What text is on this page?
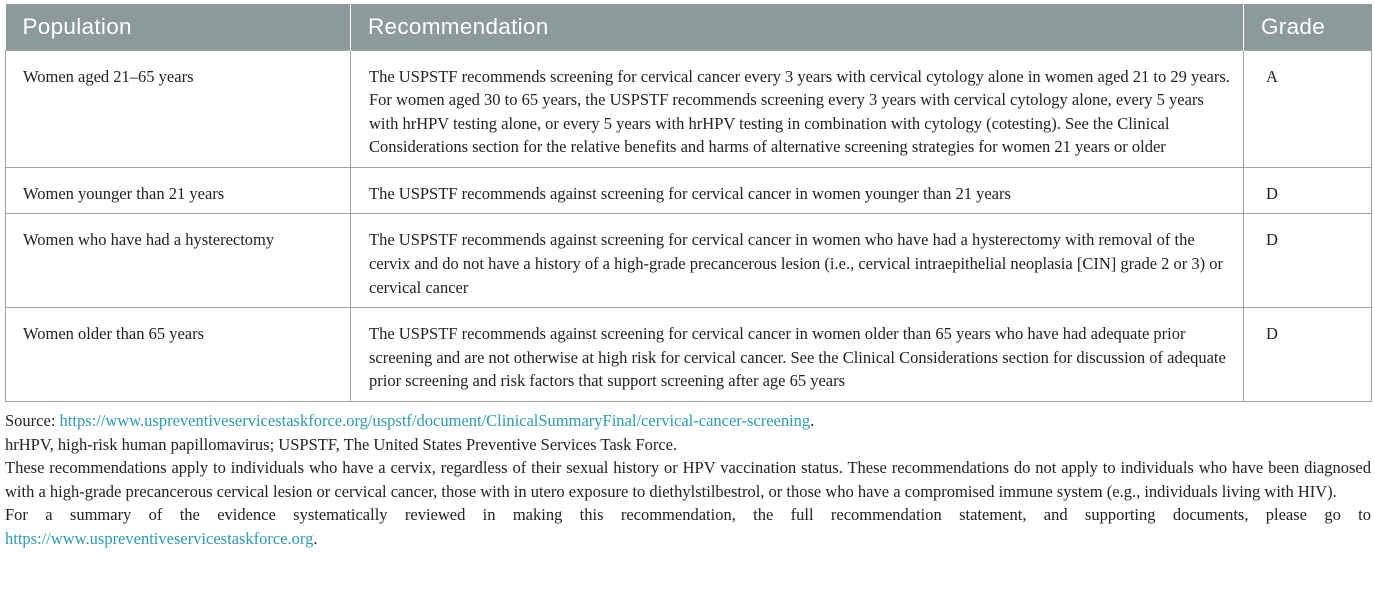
Population	Recommendation	Grade
Women aged 21–65 years	The USPSTF recommends screening for cervical cancer every 3 years with cervical cytology alone in women aged 21 to 29 years. For women aged 30 to 65 years, the USPSTF recommends screening every 3 years with cervical cytology alone, every 5 years with hrHPV testing alone, or every 5 years with hrHPV testing in combination with cytology (cotesting). See the Clinical Considerations section for the relative benefits and harms of alternative screening strategies for women 21 years or older	A
Women younger than 21 years	The USPSTF recommends against screening for cervical cancer in women younger than 21 years	D
Women who have had a hysterectomy	The USPSTF recommends against screening for cervical cancer in women who have had a hysterectomy with removal of the cervix and do not have a history of a high-grade precancerous lesion (i.e., cervical intraepithelial neoplasia [CIN] grade 2 or 3) or cervical cancer	D
Women older than 65 years	The USPSTF recommends against screening for cervical cancer in women older than 65 years who have had adequate prior screening and are not otherwise at high risk for cervical cancer. See the Clinical Considerations section for discussion of adequate prior screening and risk factors that support screening after age 65 years	D

Source: https://www.uspreventiveservicestaskforce.org/uspstf/document/ClinicalSummaryFinal/cervical-cancer-screening.

hrHPV, high-risk human papillomavirus; USPSTF, The United States Preventive Services Task Force.

These recommendations apply to individuals who have a cervix, regardless of their sexual history or HPV vaccination status. These recommendations do not apply to individuals who have been diagnosed with a high-grade precancerous cervical lesion or cervical cancer, those with in utero exposure to diethylstilbestrol, or those who have a compromised immune system (e.g., individuals living with HIV).

For a summary of the evidence systematically reviewed in making this recommendation, the full recommendation statement, and supporting documents, please go to https://www.uspreventiveservicestaskforce.org.
